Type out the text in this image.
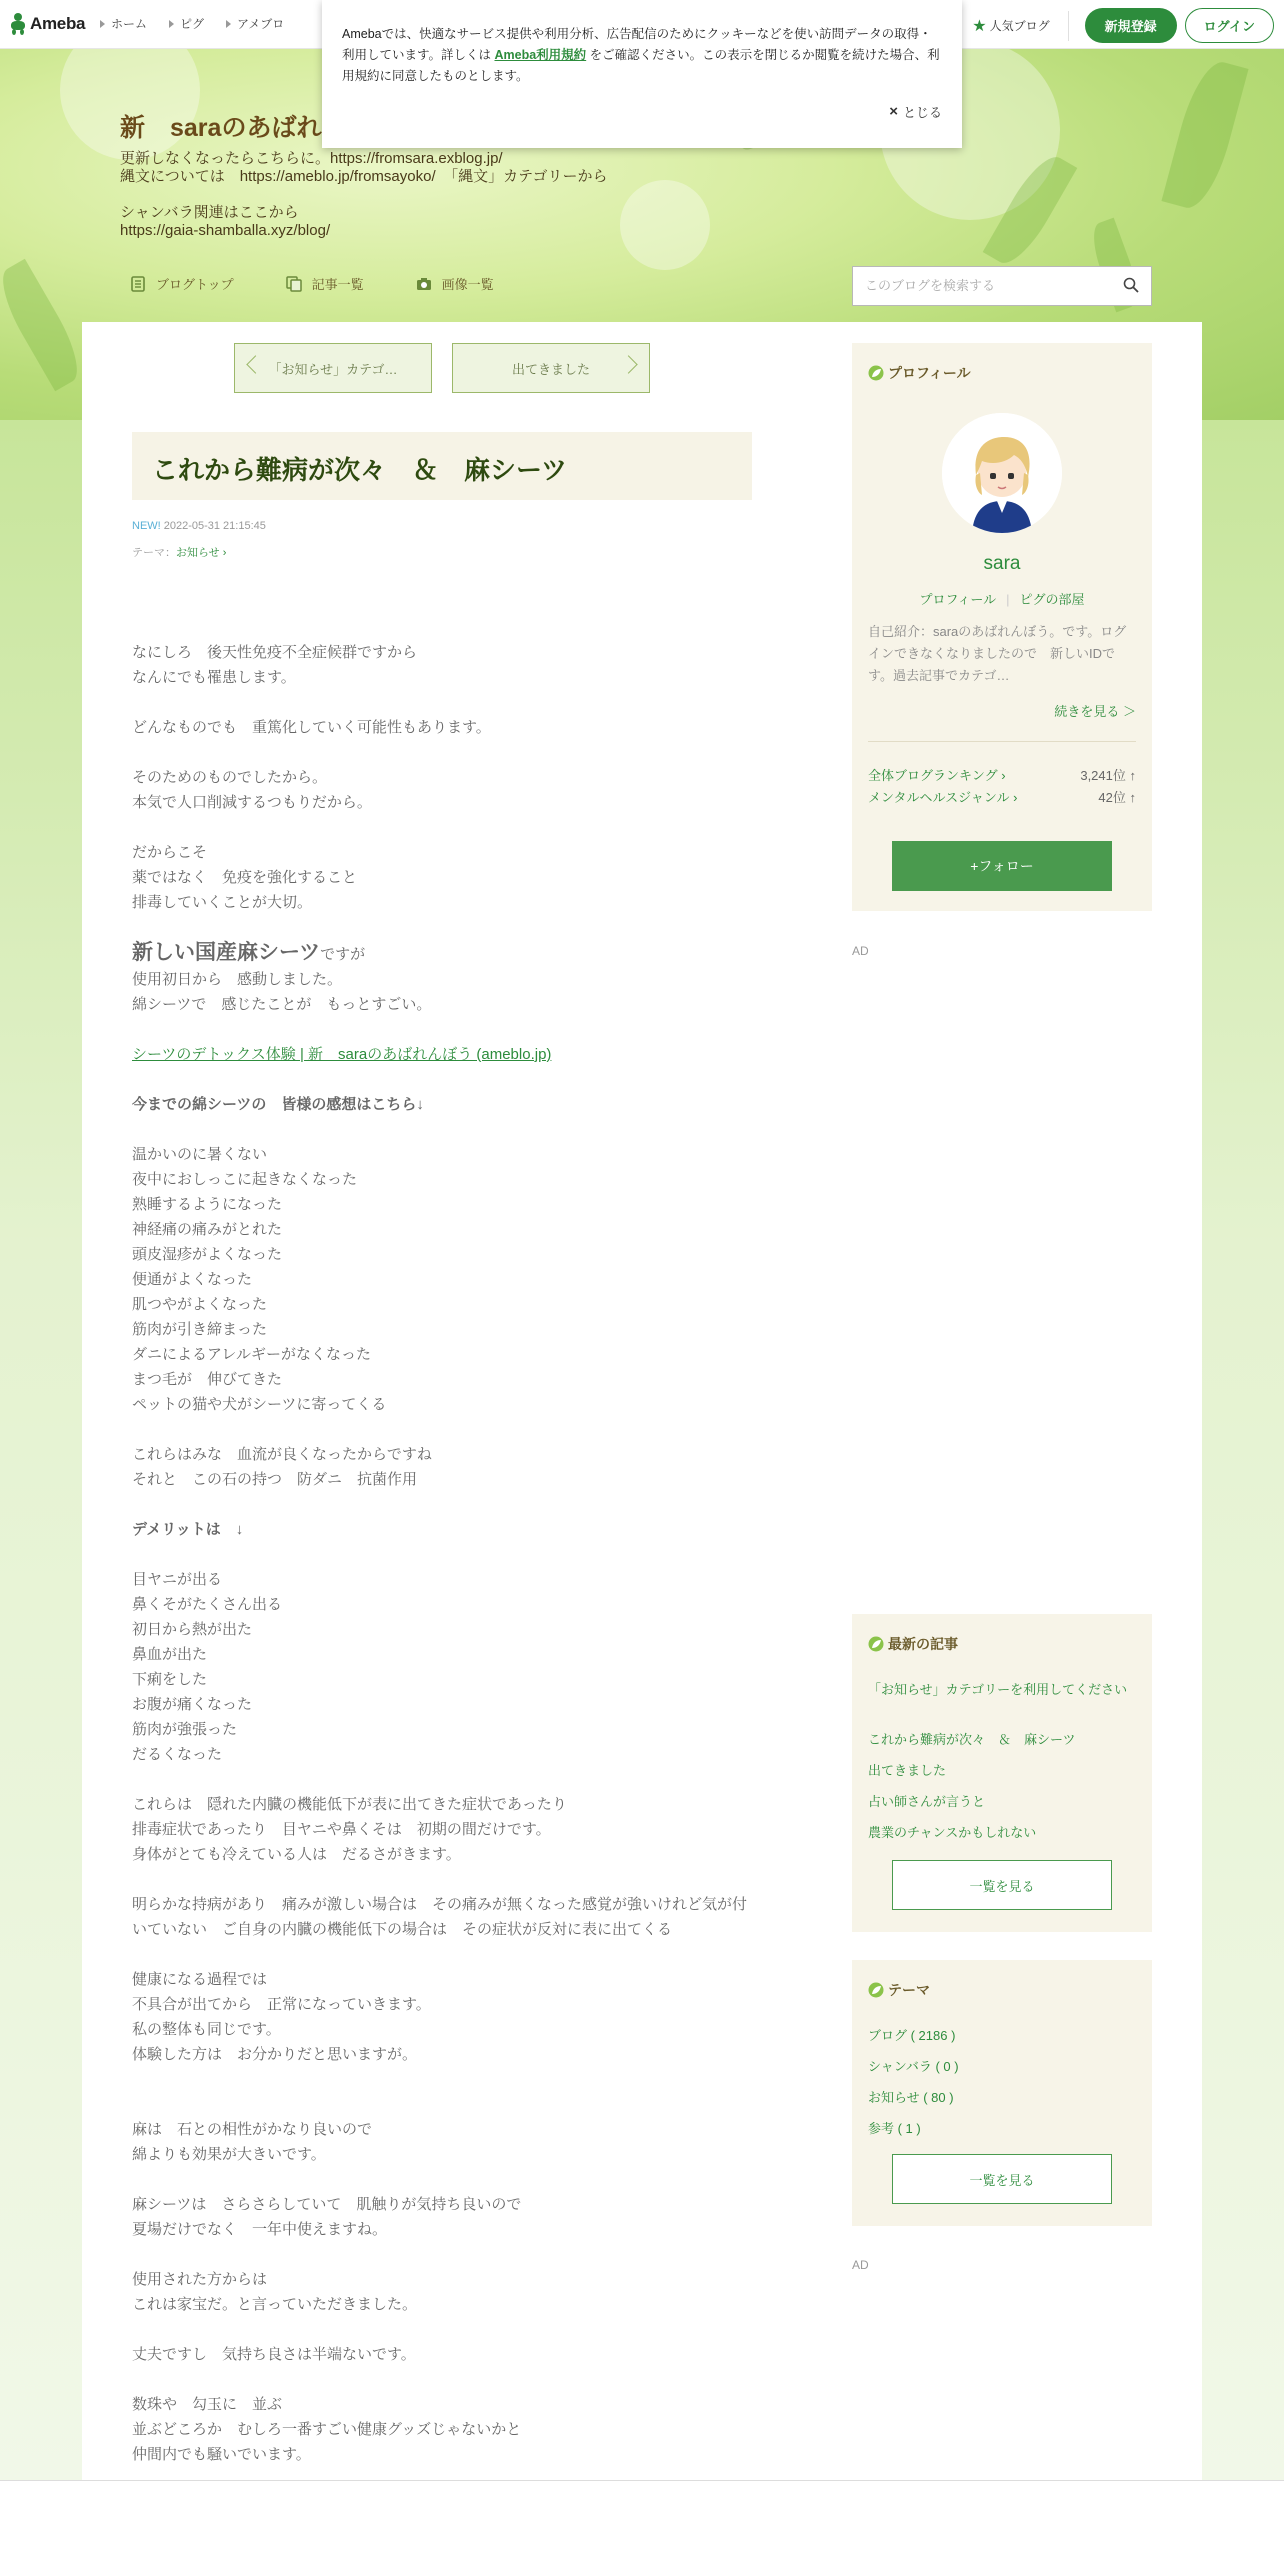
Ameba ホーム	ピグ	アメブロ	★ 人気ブログ	新規登録	ログイン
新　saraのあばれ
更新しなくなったらこちらに。https://fromsara.exblog.jp/
縄文については　https://ameblo.jp/fromsayoko/　「縄文」カテゴリーから
シャンバラ関連はここから
https://gaia-shamballa.xyz/blog/
ブログトップ	記事一覧	画像一覧
このブログを検索する
「お知らせ」カテゴ…	出てきました
これから難病が次々　＆　麻シーツ
NEW! 2022-05-31 21:15:45
テーマ：お知らせ ›
なにしろ　後天性免疫不全症候群ですから
なんにでも罹患します。
どんなものでも　重篤化していく可能性もあります。
そのためのものでしたから。
本気で人口削減するつもりだから。
だからこそ
薬ではなく　免疫を強化すること
排毒していくことが大切。
新しい国産麻シーツですが
使用初日から　感動しました。
綿シーツで　感じたことが　もっとすごい。
シーツのデトックス体験 | 新　saraのあばれんぼう (ameblo.jp)
今までの綿シーツの　皆様の感想はこちら↓
温かいのに暑くない
夜中におしっこに起きなくなった
熟睡するようになった
神経痛の痛みがとれた
頭皮湿疹がよくなった
便通がよくなった
肌つやがよくなった
筋肉が引き締まった
ダニによるアレルギーがなくなった
まつ毛が　伸びてきた
ペットの猫や犬がシーツに寄ってくる
これらはみな　血流が良くなったからですね
それと　この石の持つ　防ダニ　抗菌作用
デメリットは　↓
目ヤニが出る
鼻くそがたくさん出る
初日から熱が出た
鼻血が出た
下痢をした
お腹が痛くなった
筋肉が強張った
だるくなった
これらは　隠れた内臓の機能低下が表に出てきた症状であったり
排毒症状であったり　目ヤニや鼻くそは　初期の間だけです。
身体がとても冷えている人は　だるさがきます。
明らかな持病があり　痛みが激しい場合は　その痛みが無くなった感覚が強いけれど気が付いていない　ご自身の内臓の機能低下の場合は　その症状が反対に表に出てくる
健康になる過程では
不具合が出てから　正常になっていきます。
私の整体も同じです。
体験した方は　お分かりだと思いますが。
麻は　石との相性がかなり良いので
綿よりも効果が大きいです。
麻シーツは　さらさらしていて　肌触りが気持ち良いので
夏場だけでなく　一年中使えますね。
使用された方からは
これは家宝だ。と言っていただきました。
丈夫ですし　気持ち良さは半端ないです。
数珠や　勾玉に　並ぶ
並ぶどころか　むしろ一番すごい健康グッズじゃないかと
仲間内でも騒いでいます。
プロフィール
sara
プロフィール | ピグの部屋
自己紹介：saraのあばれんぼう。です。ログインできなくなりましたので　新しいIDです。過去記事でカテゴ…
続きを見る ＞
全体ブログランキング ›	3,241位 ↑
メンタルヘルスジャンル ›	42位 ↑
+フォロー
AD
最新の記事
「お知らせ」カテゴリーを利用してください
これから難病が次々　＆　麻シーツ
出てきました
占い師さんが言うと
農業のチャンスかもしれない
一覧を見る
テーマ
ブログ ( 2186 )
シャンバラ ( 0 )
お知らせ ( 80 )
参考 ( 1 )
一覧を見る
AD

Amebaでは、快適なサービス提供や利用分析、広告配信のためにクッキーなどを使い訪問データの取得・利用しています。詳しくは Ameba利用規約 をご確認ください。この表示を閉じるか閲覧を続けた場合、利用規約に同意したものとします。

× とじる
